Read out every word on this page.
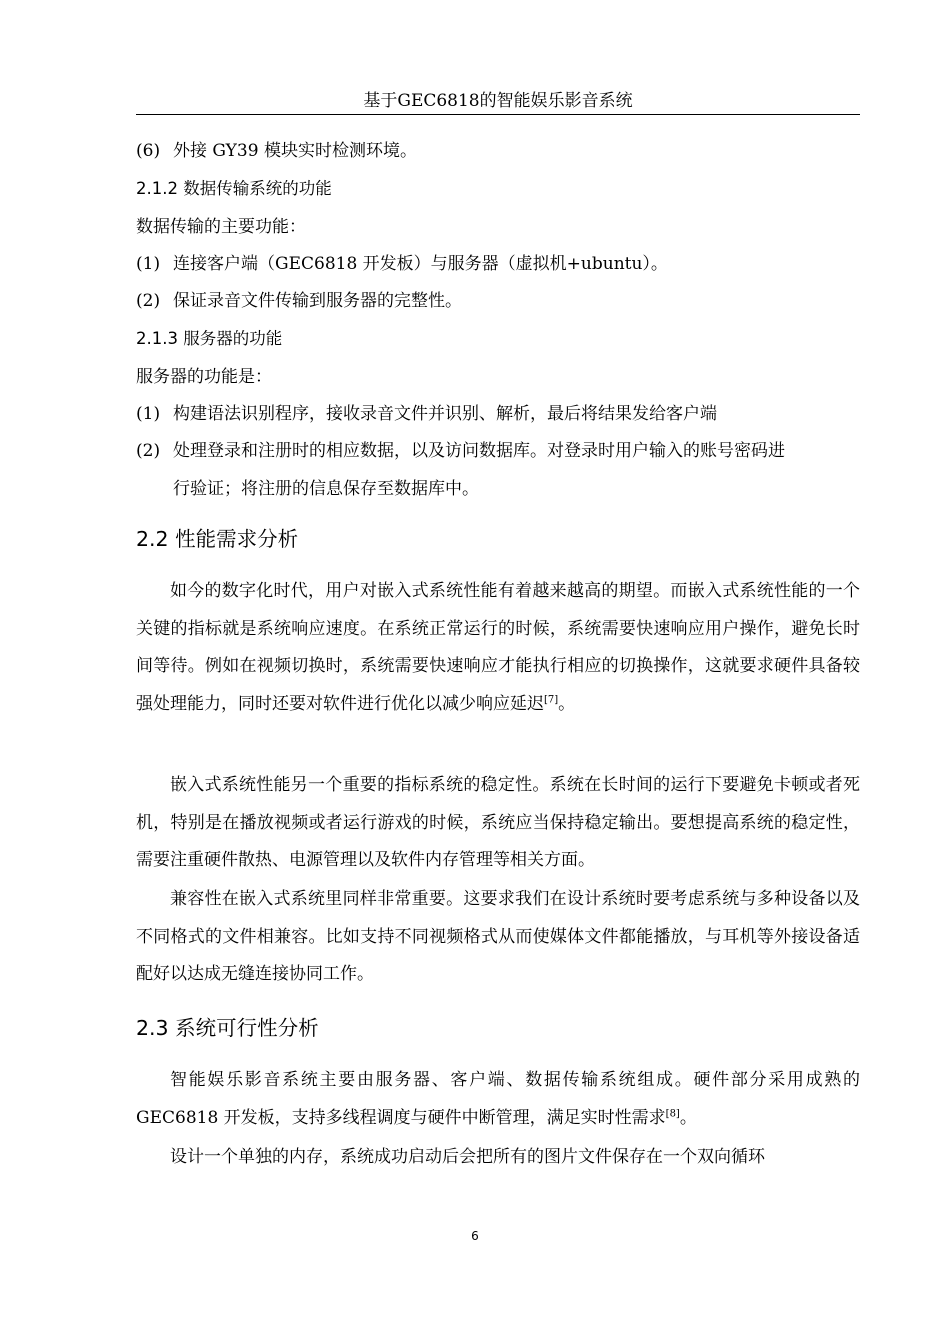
基于GEC6818的智能娱乐影音系统
(6) 外接 GY39 模块实时检测环境。
2.1.2 数据传输系统的功能
数据传输的主要功能：
(1) 连接客户端（GEC6818 开发板）与服务器（虚拟机+ubuntu）。
(2) 保证录音文件传输到服务器的完整性。
2.1.3 服务器的功能
服务器的功能是：
(1) 构建语法识别程序，接收录音文件并识别、解析，最后将结果发给客户端
(2) 处理登录和注册时的相应数据，以及访问数据库。对登录时用户输入的账号密码进
行验证；将注册的信息保存至数据库中。
2.2 性能需求分析

如今的数字化时代，用户对嵌入式系统性能有着越来越高的期望。而嵌入式系统性能的一个关键的指标就是系统响应速度。在系统正常运行的时候，系统需要快速响应用户操作，避免长时间等待。例如在视频切换时，系统需要快速响应才能执行相应的切换操作，这就要求硬件具备较强处理能力，同时还要对软件进行优化以减少响应延迟[7]。

嵌入式系统性能另一个重要的指标系统的稳定性。系统在长时间的运行下要避免卡顿或者死机，特别是在播放视频或者运行游戏的时候，系统应当保持稳定输出。要想提高系统的稳定性，需要注重硬件散热、电源管理以及软件内存管理等相关方面。

兼容性在嵌入式系统里同样非常重要。这要求我们在设计系统时要考虑系统与多种设备以及不同格式的文件相兼容。比如支持不同视频格式从而使媒体文件都能播放，与耳机等外接设备适配好以达成无缝连接协同工作。

2.3 系统可行性分析

智能娱乐影音系统主要由服务器、客户端、数据传输系统组成。硬件部分采用成熟的 GEC6818 开发板，支持多线程调度与硬件中断管理，满足实时性需求[8]。

设计一个单独的内存，系统成功启动后会把所有的图片文件保存在一个双向循环

6
